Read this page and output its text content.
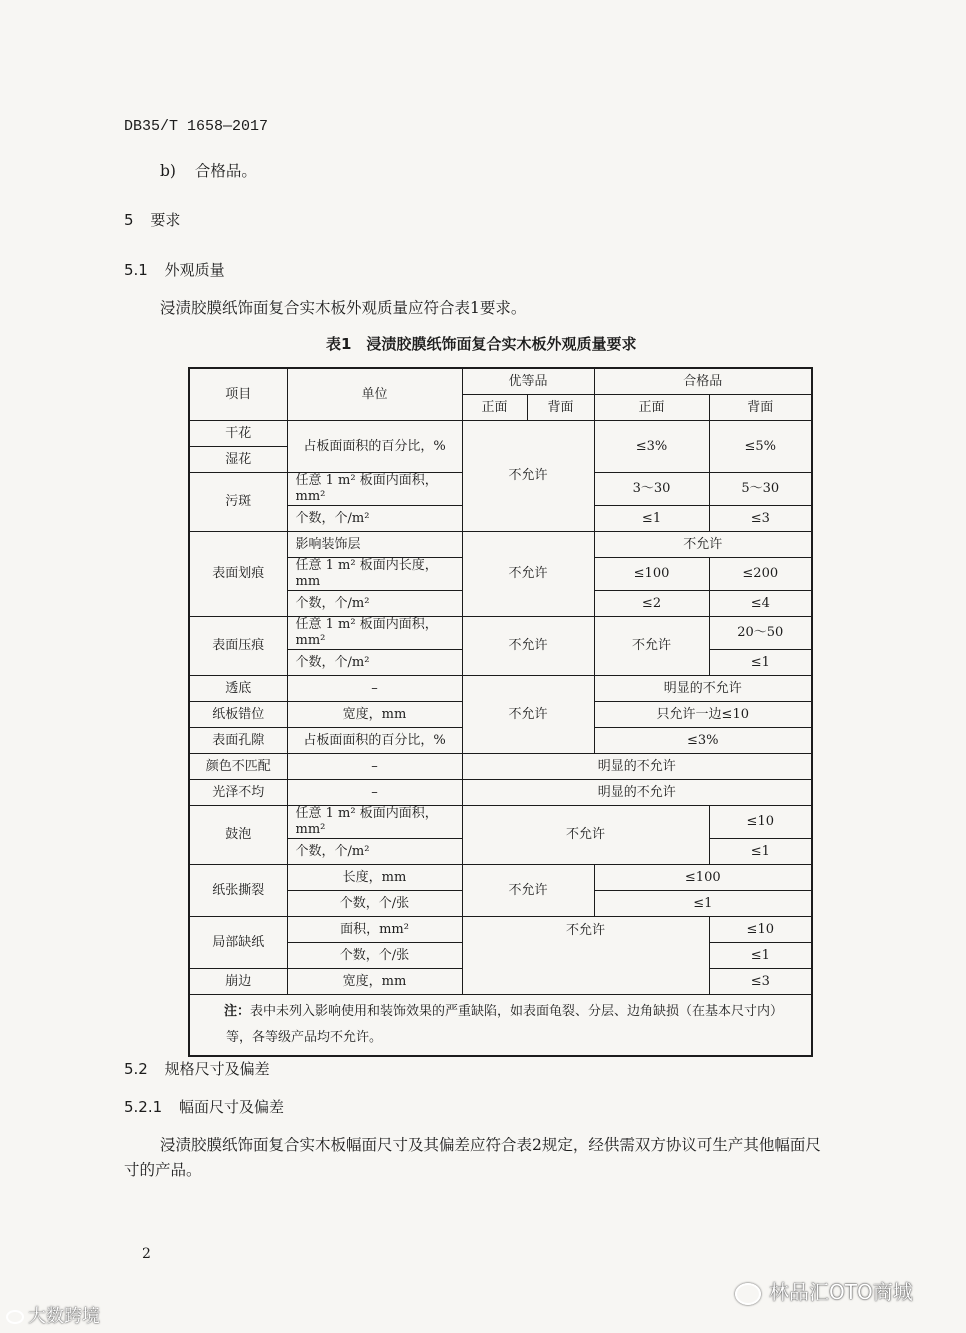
DB35/T 1658—2017
b) 合格品。
5 要求
5.1 外观质量
浸渍胶膜纸饰面复合实木板外观质量应符合表1要求。
表1　浸渍胶膜纸饰面复合实木板外观质量要求
项目	单位	优等品		合格品	
		正面	背面	正面	背面
干花	占板面面积的百分比，%	不允许		≤3%	≤5%
湿花					
污斑	任意 1 m² 板面内面积，mm²			3～30	5～30
	个数，个/m²			≤1	≤3
表面划痕	影响装饰层	不允许		不允许	
	任意 1 m² 板面内长度，mm			≤100	≤200
	个数，个/m²			≤2	≤4
表面压痕	任意 1 m² 板面内面积，mm²	不允许		不允许	20～50
	个数，个/m²				≤1
透底	–	不允许		明显的不允许	
纸板错位	宽度，mm			只允许一边≤10	
表面孔隙	占板面面积的百分比，%			≤3%	
颜色不匹配	–	明显的不允许			
光泽不均	–	明显的不允许			
鼓泡	任意 1 m² 板面内面积，mm²	不允许			≤10
	个数，个/m²				≤1
纸张撕裂	长度，mm	不允许		≤100	
	个数，个/张			≤1	
局部缺纸	面积，mm²	不允许			≤10
	个数，个/张				≤1
崩边	宽度，mm				≤3
注：表中未列入影响使用和装饰效果的严重缺陷，如表面龟裂、分层、边角缺损（在基本尺寸内）等，各等级产品均不允许。					
5.2 规格尺寸及偏差
5.2.1 幅面尺寸及偏差
浸渍胶膜纸饰面复合实木板幅面尺寸及其偏差应符合表2规定，经供需双方协议可生产其他幅面尺
寸的产品。
2
大数跨境
林品汇OTO商城
